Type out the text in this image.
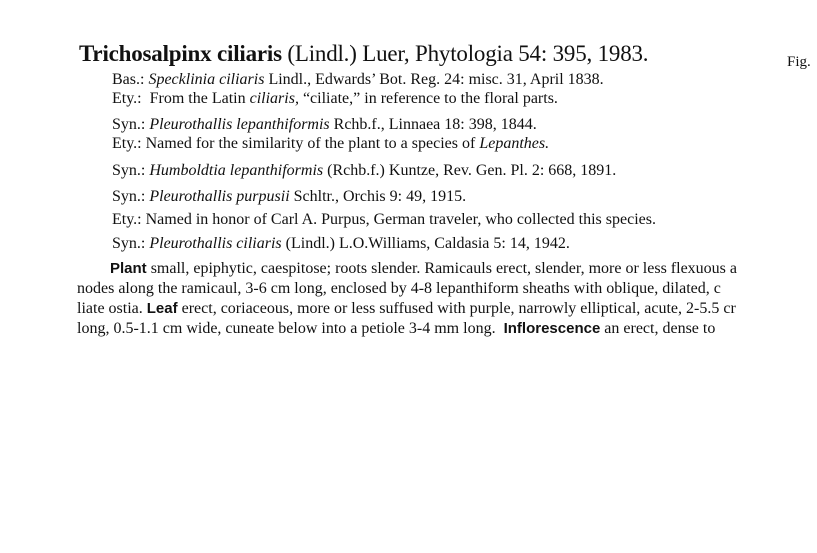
Trichosalpinx ciliaris (Lindl.) Luer, Phytologia 54: 395, 1983.	Fig.
Bas.: Specklinia ciliaris Lindl., Edwards’ Bot. Reg. 24: misc. 31, April 1838.
Ety.: From the Latin ciliaris, “ciliate,” in reference to the floral parts.
Syn.: Pleurothallis lepanthiformis Rchb.f., Linnaea 18: 398, 1844.
Ety.: Named for the similarity of the plant to a species of Lepanthes.
Syn.: Humboldtia lepanthiformis (Rchb.f.) Kuntze, Rev. Gen. Pl. 2: 668, 1891.
Syn.: Pleurothallis purpusii Schltr., Orchis 9: 49, 1915.
Ety.: Named in honor of Carl A. Purpus, German traveler, who collected this species.
Syn.: Pleurothallis ciliaris (Lindl.) L.O.Williams, Caldasia 5: 14, 1942.
Plant small, epiphytic, caespitose; roots slender. Ramicauls erect, slender, more or less flexuous a
nodes along the ramicaul, 3-6 cm long, enclosed by 4-8 lepanthiform sheaths with oblique, dilated, c
liate ostia. Leaf erect, coriaceous, more or less suffused with purple, narrowly elliptical, acute, 2-5.5 cr
long, 0.5-1.1 cm wide, cuneate below into a petiole 3-4 mm long. Inflorescence an erect, dense to
